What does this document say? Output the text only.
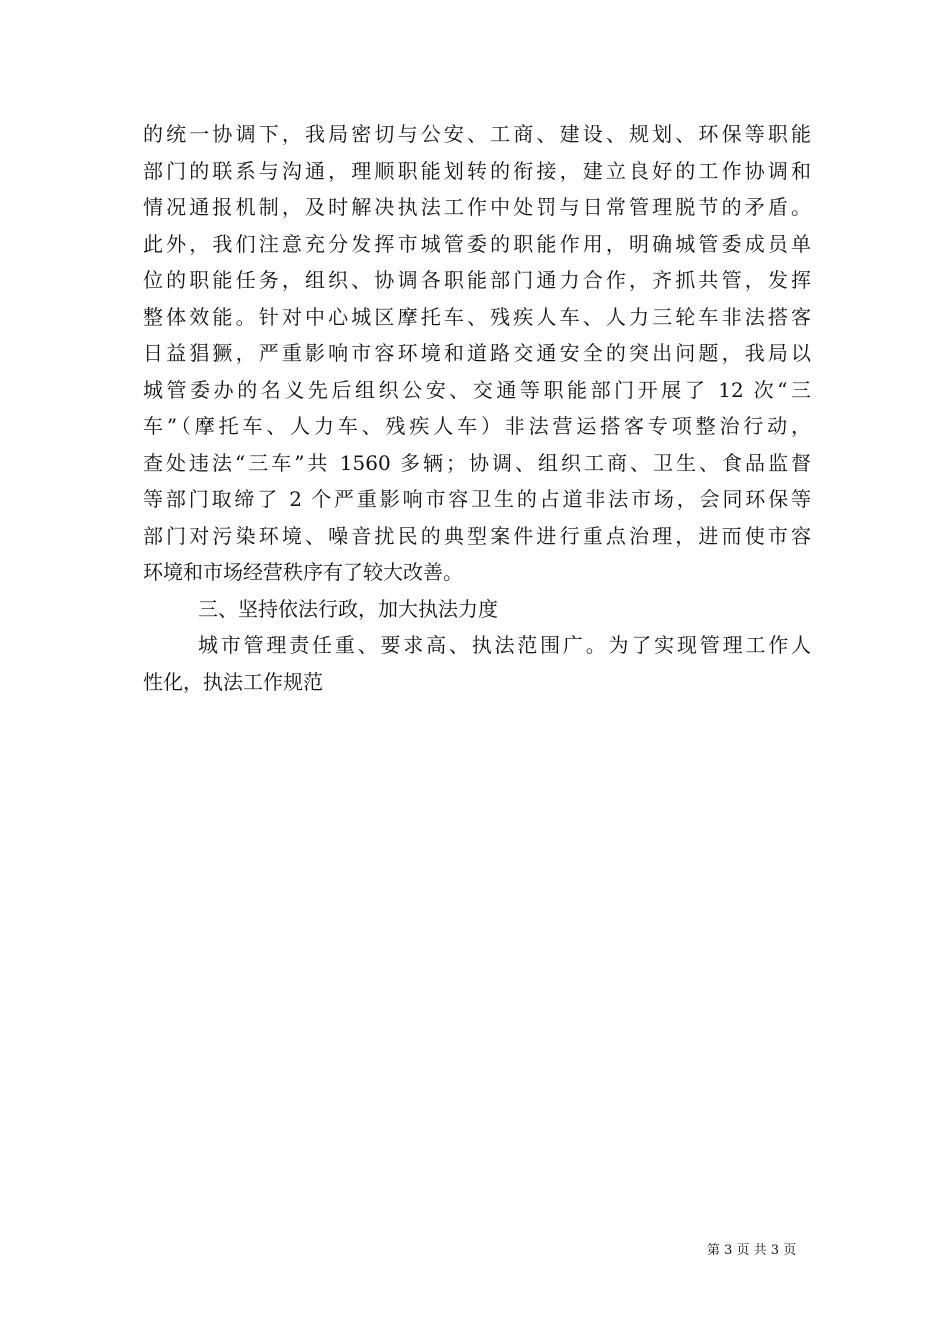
的统一协调下，我局密切与公安、工商、建设、规划、环保等职能
部门的联系与沟通，理顺职能划转的衔接，建立良好的工作协调和
情况通报机制，及时解决执法工作中处罚与日常管理脱节的矛盾。
此外，我们注意充分发挥市城管委的职能作用，明确城管委成员单
位的职能任务，组织、协调各职能部门通力合作，齐抓共管，发挥
整体效能。针对中心城区摩托车、残疾人车、人力三轮车非法搭客
日益猖獗，严重影响市容环境和道路交通安全的突出问题，我局以
城管委办的名义先后组织公安、交通等职能部门开展了 12 次“三
车”（摩托车、人力车、残疾人车）非法营运搭客专项整治行动，
查处违法“三车”共 1560 多辆；协调、组织工商、卫生、食品监督
等部门取缔了 2 个严重影响市容卫生的占道非法市场，会同环保等
部门对污染环境、噪音扰民的典型案件进行重点治理，进而使市容
环境和市场经营秩序有了较大改善。
三、坚持依法行政，加大执法力度
城市管理责任重、要求高、执法范围广。为了实现管理工作人
性化，执法工作规范
第 3 页 共 3 页
